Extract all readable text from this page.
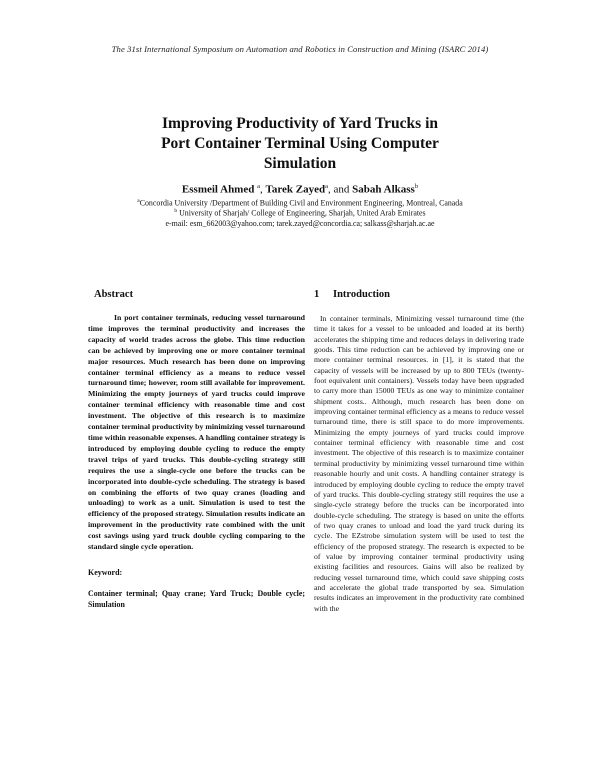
The 31st International Symposium on Automation and Robotics in Construction and Mining (ISARC 2014)
Improving Productivity of Yard Trucks in
Port Container Terminal Using Computer
Simulation
Essmeil Ahmed $^a$, Tarek Zayed$^a$, and Sabah Alkass$^b$
$^a$Concordia University /Department of Building Civil and Environment Engineering, Montreal, Canada
$^b$ University of Sharjah/ College of Engineering, Sharjah, United Arab Emirates
e-mail: esm_662003@yahoo.com; tarek.zayed@concordia.ca; salkass@sharjah.ac.ae
Abstract
In port container terminals, reducing vessel turnaround time improves the terminal productivity and increases the capacity of world trades across the globe. This time reduction can be achieved by improving one or more container terminal major resources. Much research has been done on improving container terminal efficiency as a means to reduce vessel turnaround time; however, room still available for improvement. Minimizing the empty journeys of yard trucks could improve container terminal efficiency with reasonable time and cost investment. The objective of this research is to maximize container terminal productivity by minimizing vessel turnaround time within reasonable expenses. A handling container strategy is introduced by employing double cycling to reduce the empty travel trips of yard trucks. This double-cycling strategy still requires the use a single-cycle one before the trucks can be incorporated into double-cycle scheduling. The strategy is based on combining the efforts of two quay cranes (loading and unloading) to work as a unit. Simulation is used to test the efficiency of the proposed strategy. Simulation results indicate an improvement in the productivity rate combined with the unit cost savings using yard truck double cycling comparing to the standard single cycle operation.
Keyword:
Container terminal; Quay crane; Yard Truck; Double cycle; Simulation
1 Introduction
In container terminals, Minimizing vessel turnaround time (the time it takes for a vessel to be unloaded and loaded at its berth) accelerates the shipping time and reduces delays in delivering trade goods. This time reduction can be achieved by improving one or more container terminal resources. in [1], it is stated that the capacity of vessels will be increased by up to 800 TEUs (twenty-foot equivalent unit containers). Vessels today have been upgraded to carry more than 15000 TEUs as one way to minimize container shipment costs.. Although, much research has been done on improving container terminal efficiency as a means to reduce vessel turnaround time, there is still space to do more improvements. Minimizing the empty journeys of yard trucks could improve container terminal efficiency with reasonable time and cost investment. The objective of this research is to maximize container terminal productivity by minimizing vessel turnaround time within reasonable hourly and unit costs. A handling container strategy is introduced by employing double cycling to reduce the empty travel of yard trucks. This double-cycling strategy still requires the use a single-cycle strategy before the trucks can be incorporated into double-cycle scheduling. The strategy is based on unite the efforts of two quay cranes to unload and load the yard truck during its cycle. The EZstrobe simulation system will be used to test the efficiency of the proposed strategy. The research is expected to be of value by improving container terminal productivity using existing facilities and resources. Gains will also be realized by reducing vessel turnaround time, which could save shipping costs and accelerate the global trade transported by sea. Simulation results indicates an improvement in the productivity rate combined with the
